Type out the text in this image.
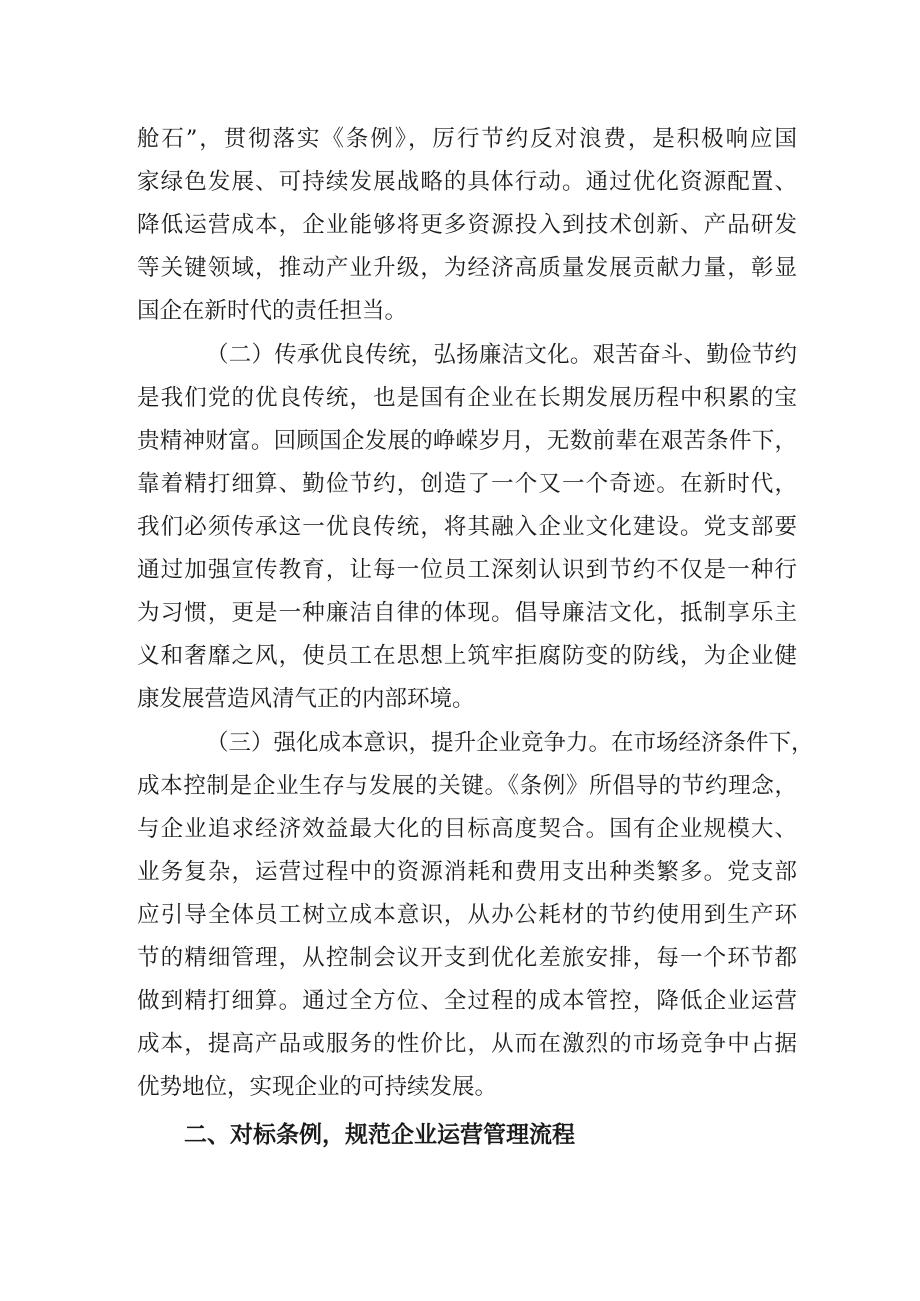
舱石”，贯彻落实《条例》，厉行节约反对浪费，是积极响应国
家绿色发展、可持续发展战略的具体行动。通过优化资源配置、
降低运营成本，企业能够将更多资源投入到技术创新、产品研发
等关键领域，推动产业升级，为经济高质量发展贡献力量，彰显
国企在新时代的责任担当。
（二）传承优良传统，弘扬廉洁文化。艰苦奋斗、勤俭节约
是我们党的优良传统，也是国有企业在长期发展历程中积累的宝
贵精神财富。回顾国企发展的峥嵘岁月，无数前辈在艰苦条件下，
靠着精打细算、勤俭节约，创造了一个又一个奇迹。在新时代，
我们必须传承这一优良传统，将其融入企业文化建设。党支部要
通过加强宣传教育，让每一位员工深刻认识到节约不仅是一种行
为习惯，更是一种廉洁自律的体现。倡导廉洁文化，抵制享乐主
义和奢靡之风，使员工在思想上筑牢拒腐防变的防线，为企业健
康发展营造风清气正的内部环境。
（三）强化成本意识，提升企业竞争力。在市场经济条件下，
成本控制是企业生存与发展的关键。《条例》所倡导的节约理念，
与企业追求经济效益最大化的目标高度契合。国有企业规模大、
业务复杂，运营过程中的资源消耗和费用支出种类繁多。党支部
应引导全体员工树立成本意识，从办公耗材的节约使用到生产环
节的精细管理，从控制会议开支到优化差旅安排，每一个环节都
做到精打细算。通过全方位、全过程的成本管控，降低企业运营
成本，提高产品或服务的性价比，从而在激烈的市场竞争中占据
优势地位，实现企业的可持续发展。
二、对标条例，规范企业运营管理流程
